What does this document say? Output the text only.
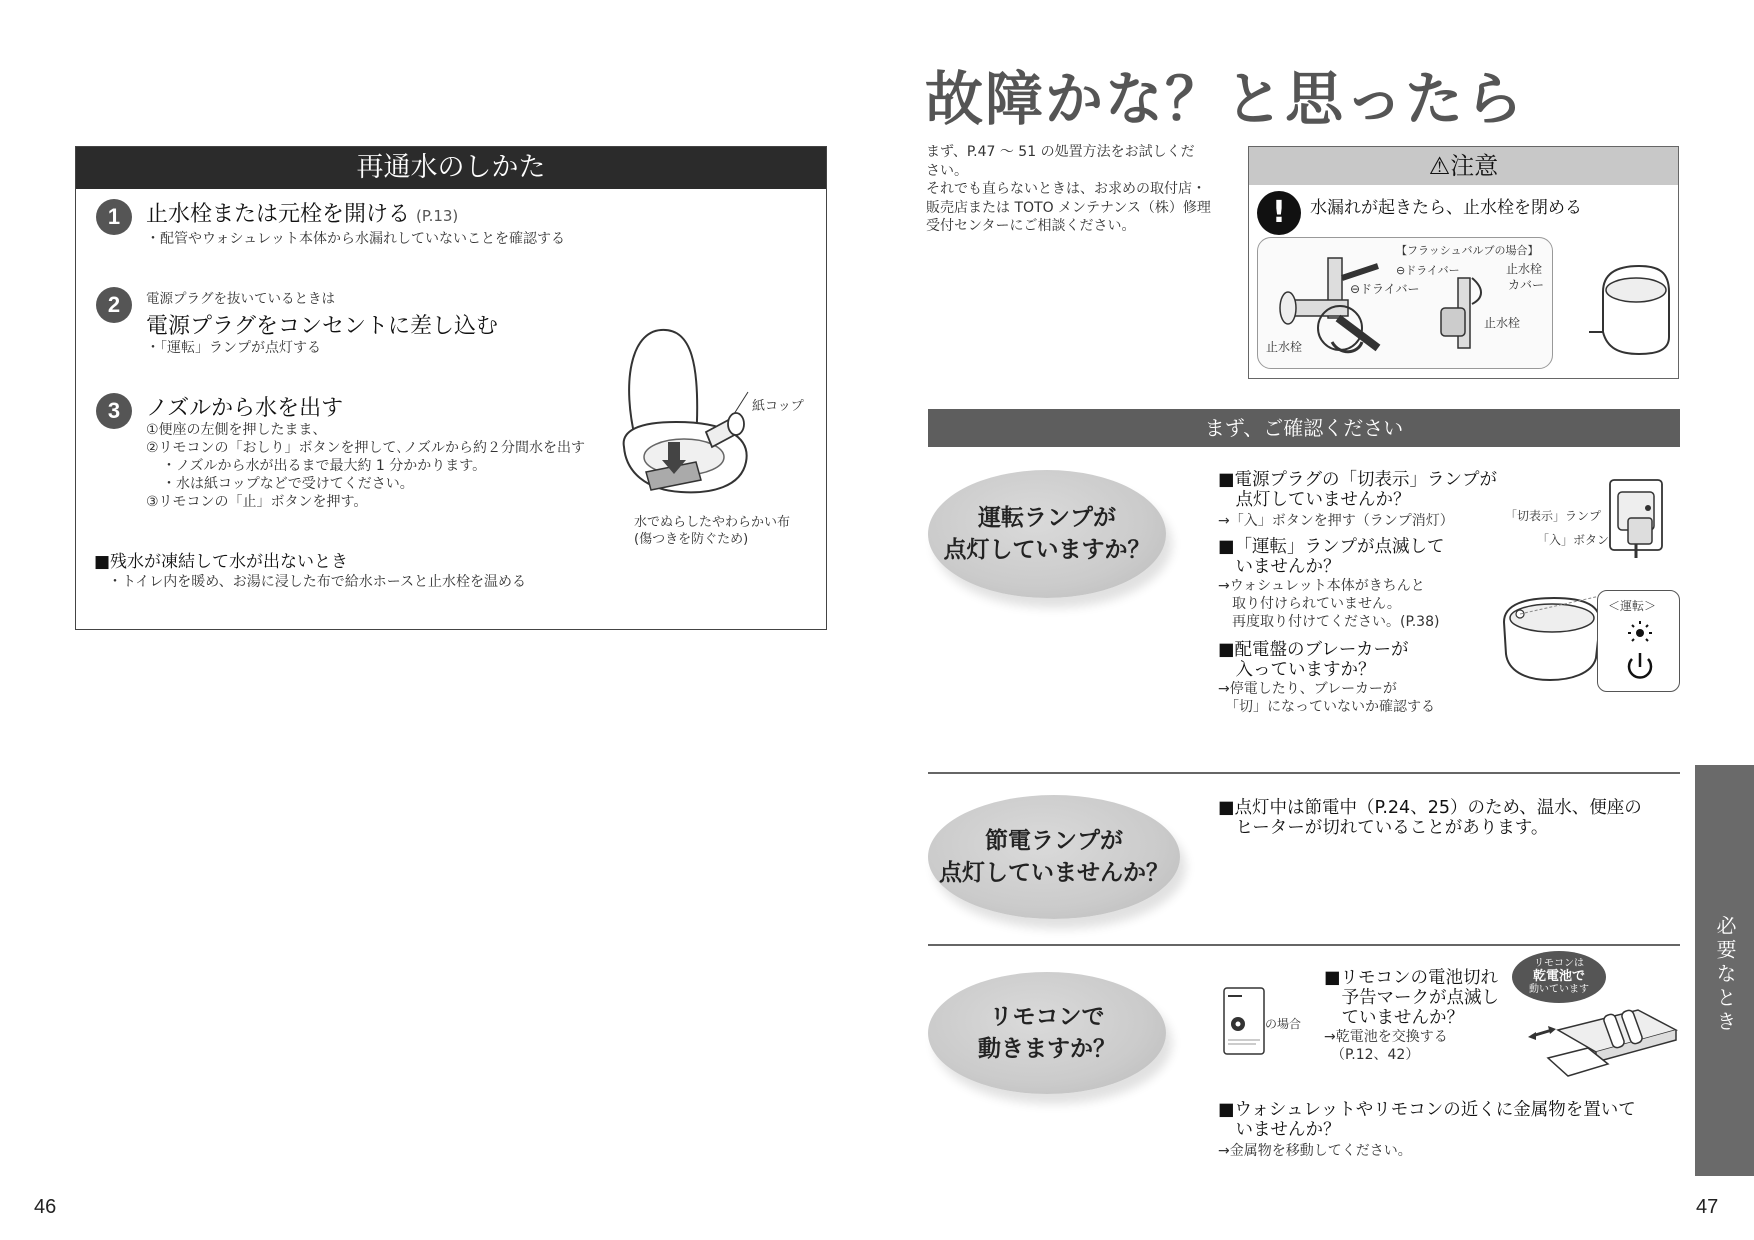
再通水のしかた
1	止水栓または元栓を開ける (P.13)
・配管やウォシュレット本体から水漏れしていないことを確認する
2	電源プラグを抜いているときは
電源プラグをコンセントに差し込む
・「運転」ランプが点灯する
3	ノズルから水を出す
①便座の左側を押したまま、
②リモコンの「おしり」ボタンを押して､ノズルから約２分間水を出す
・ノズルから水が出るまで最大約 1 分かかります。
・水は紙コップなどで受けてください。
③リモコンの「止」ボタンを押す。
紙コップ
水でぬらしたやわらかい布
(傷つきを防ぐため)
■残水が凍結して水が出ないとき
・トイレ内を暖め、お湯に浸した布で給水ホースと止水栓を温める
46
故障かな？と思ったら
まず、P.47 ～ 51 の処置方法をお試しくだ
さい。
それでも直らないときは、お求めの取付店・
販売店または TOTO メンテナンス（株）修理
受付センターにご相談ください。
⚠注意
!	水漏れが起きたら、止水栓を閉める
⊖ドライバー
止水栓
【フラッシュバルブの場合】
⊖ドライバー	止水栓
カバー
止水栓
まず、ご確認ください
運転ランプが
点灯していますか？
■電源プラグの「切表示」ランプが
　点灯していませんか？
→「入」ボタンを押す（ランプ消灯）
■「運転」ランプが点滅して
　いませんか？
→ウォシュレット本体がきちんと
　取り付けられていません。
　再度取り付けてください。(P.38)
■配電盤のブレーカーが
　入っていますか？
→停電したり、ブレーカーが
　「切」になっていないか確認する
「切表示」ランプ
「入」ボタン
＜運転＞
節電ランプが
点灯していませんか？
■点灯中は節電中（P.24、25）のため、温水、便座の
　ヒーターが切れていることがあります。
リモコンで
動きますか？
の場合
■リモコンの電池切れ
　予告マークが点滅し
　ていませんか？
→乾電池を交換する
　（P.12、42）
リモコンは
乾電池で
動いています
■ウォシュレットやリモコンの近くに金属物を置いて
　いませんか？
→金属物を移動してください。
必要なとき
47
